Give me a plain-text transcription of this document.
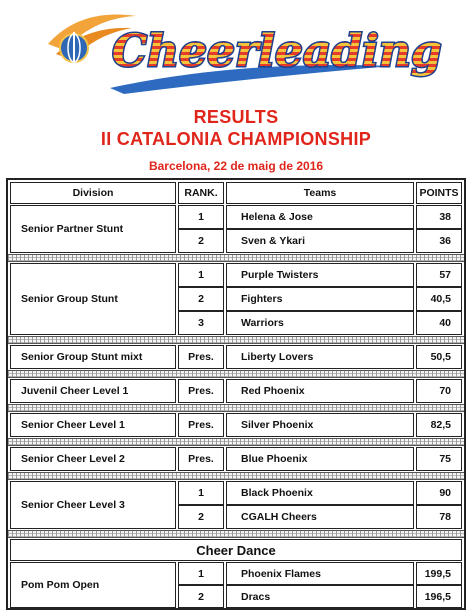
Cheerleading
RESULTS
II CATALONIA CHAMPIONSHIP
Barcelona, 22 de maig de 2016
Division	RANK.	Teams	POINTS
Senior Partner Stunt
1	Helena & Jose	38
2	Sven & Ykari	36
Senior Group Stunt
1	Purple Twisters	57
2	Fighters	40,5
3	Warriors	40
Senior Group Stunt mixt	Pres.	Liberty Lovers	50,5
Juvenil Cheer Level 1	Pres.	Red Phoenix	70
Senior Cheer Level 1	Pres.	Silver Phoenix	82,5
Senior Cheer Level 2	Pres.	Blue Phoenix	75
Senior Cheer Level 3
1	Black Phoenix	90
2	CGALH Cheers	78
Cheer Dance
Pom Pom Open
1	Phoenix Flames	199,5
2	Dracs	196,5
